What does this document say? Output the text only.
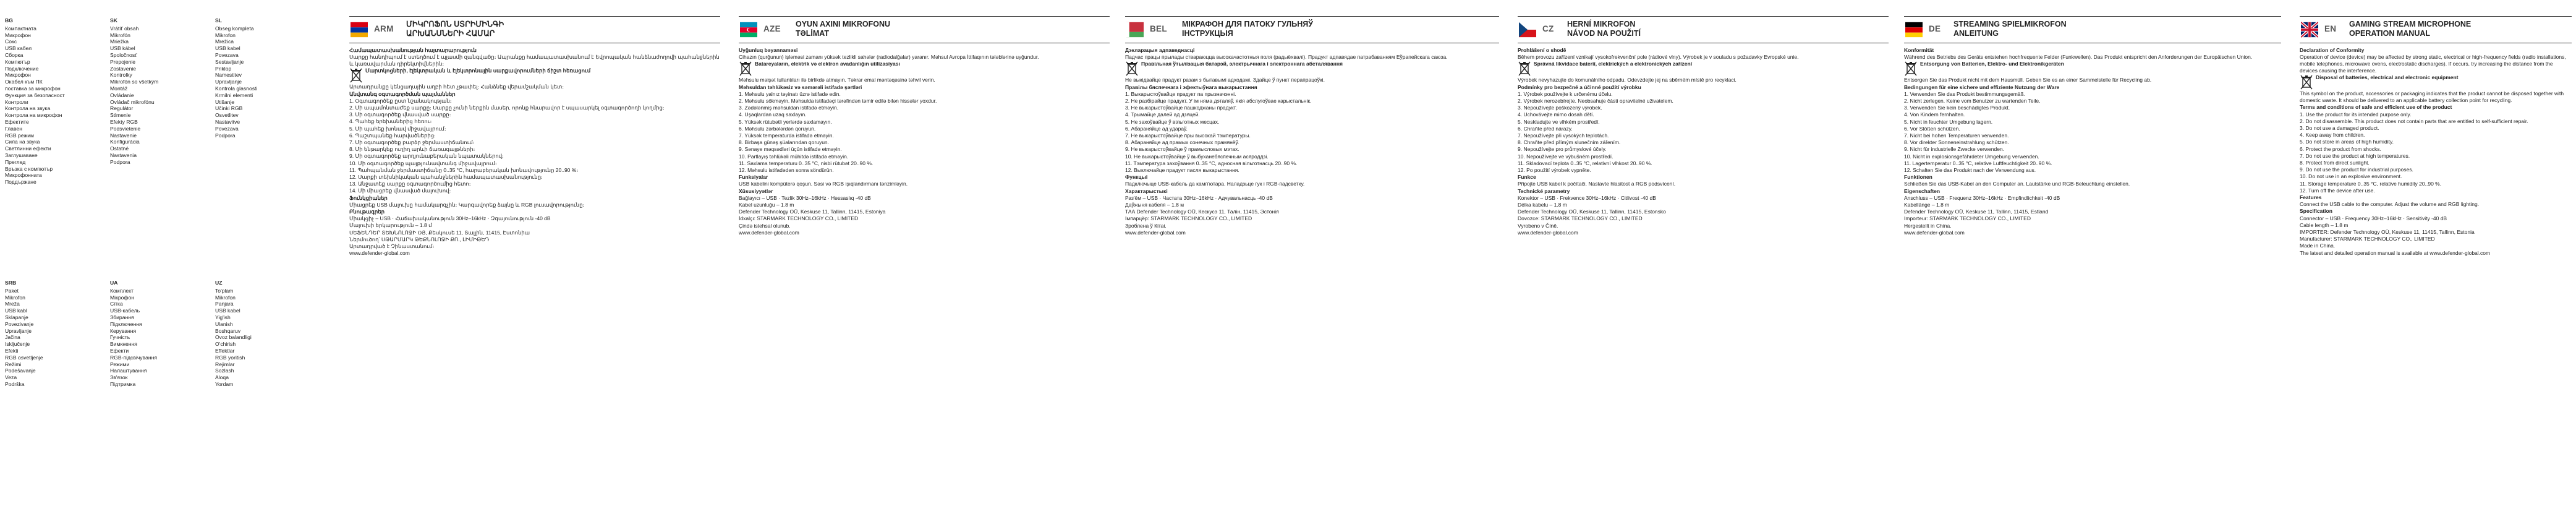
BG
Компактната
Микрофон
Сокс
USB кабел
Сборка
Компютър
Подключение
Микрофон
Окабел към ПК
поставка за микрофон
Функция за безопасност
Контроли
Контрола на звука
Контрола на микрофон
Ефектите
Главен
RGB режим
Сила на звука
Светлинни ефекти
Заглушаване
Преглед
Връзка с компютър
Микрофонната
Поддържане
SK
Vrátiť obsah
Mikrofón
Mriežka
USB kábel
Spoločnosť
Prepojenie
Zostavenie
Kontrolky
Mikrofón so všetkým
Montáž
Ovládanie
Ovládač mikrofónu
Regulátor
Stlmenie
Efekty RGB
Podsvietenie
Nastavenie
Konfigurácia
Ostatné
Nastavenia
Podpora
SL
Obseg kompleta
Mikrofon
Mrežica
USB kabel
Povezava
Sestavljanje
Priklop
Namestitev
Upravljanje
Kontrola glasnosti
Krmilni elementi
Utišanje
Učinki RGB
Osvetlitev
Nastavitve
Povezava
Podpora
SRB
Paket
Mikrofon
Mreža
USB kabl
Sklapanje
Povezivanje
Upravljanje
Jačina
Isključenje
Efekti
RGB osvetljenje
Režimi
Podešavanje
Veza
Podrška
UA
Комплект
Мікрофон
Сітка
USB-кабель
Збирання
Підключення
Керування
Гучність
Вимкнення
Ефекти
RGB-підсвічування
Режими
Налаштування
Зв'язок
Підтримка
UZ
To'plam
Mikrofon
Panjara
USB kabel
Yig'ish
Ulanish
Boshqaruv
Ovoz balandligi
O'chirish
Effektlar
RGB yoritish
Rejimlar
Sozlash
Aloqa
Yordam
ARM ՄԻԿՐՈՖՈՆ ՍՏՐԻՄԻՆԳԻ
ԱՐԽԱՆՍՆԵՐԻ ՀԱՄԱՐ

Համապատասխանության հայտարարություն

Սարքը հանդիպում է ստեղծում է պլասմի զանգվածը։ Ապրանքը համապատասխանում է Եվրոպական հանձնաժողովի պահանջներին և կառավարման դիրեկտիվներին։

Մարտկոցների, էլեկտրական և էլեկտրոնային սարքավորումների ճիշտ հեռացում

Արտադրանքը կենցաղային աղբի հետ չթափել։ Հանձնեք վերամշակման կետ։

Անվտանգ օգտագործման պայմաններ

1. Օգտագործեք ըստ նշանակության։

2. Մի ապամոնտաժեք սարքը։ Սարքը չունի ներքին մասեր, որոնք հնարավոր է սպասարկել օգտագործողի կողմից։

3. Մի օգտագործեք վնասված սարքը։

4. Պահեք երեխաներից հեռու։

5. Մի պահեք խոնավ միջավայրում։

6. Պաշտպանեք հարվածներից։

7. Մի օգտագործեք բարձր ջերմաստիճանում։

8. Մի ենթարկեք ուղիղ արևի ճառագայթների։

9. Մի օգտագործեք արդյունաբերական նպատակներով։

10. Մի օգտագործեք պայթյունավտանգ միջավայրում։

11. Պահպանման ջերմաստիճանը 0..35 °C, հարաբերական խոնավությունը 20..90 %։

12. Սարքի տեխնիկական պահանջներին համապատասխանությունը։

13. Անջատեք սարքը օգտագործումից հետո։

14. Մի միացրեք վնասված մալուխով։

Ֆունկցիաներ

Միացրեք USB մալուխը համակարգչին։ Կարգավորեք ձայնը և RGB լուսավորությունը։

Բնութագրեր

Միակցիչ – USB · Հաճախականություն 30Hz–16kHz · Զգայունություն -40 dB

Մալուխի երկարություն – 1.8 մ

ՍԵՖԵՆԴԵՐ ՏԵԽՆՈԼՈՋԻ ՕՅ, Քեսկուսե 11, Տալլին, 11415, Էստոնիա

Ներմուծող՝ ՍԹԱՐՄԱՐԿ ԹԵՔՆՈԼՈՋԻ ՔՈ., ԼԻՄԻԹԵԴ

Արտադրված է Չինաստանում։

www.defender-global.com

AZE OYUN AXINI MIKROFONU
TƏLİMAT

Uyğunluq bəyannaməsi

Cihazın (qurğunun) işləməsi zamanı yüksək tezlikli sahələr (radiodalğalar) yaranır. Məhsul Avropa İttifaqının tələblərinə uyğundur.

Batareyaların, elektrik və elektron avadanlığın utilizasiyası

Məhsulu məişət tullantıları ilə birlikdə atmayın. Təkrar emal məntəqəsinə təhvil verin.

Məhsuldan təhlükəsiz və səmərəli istifadə şərtləri

1. Məhsulu yalnız təyinatı üzrə istifadə edin.

2. Məhsulu sökməyin. Məhsulda istifadəçi tərəfindən təmir edilə bilən hissələr yoxdur.

3. Zədələnmiş məhsuldan istifadə etməyin.

4. Uşaqlardan uzaq saxlayın.

5. Yüksək rütubətli yerlərdə saxlamayın.

6. Məhsulu zərbələrdən qoruyun.

7. Yüksək temperaturda istifadə etməyin.

8. Birbaşa günəş şüalarından qoruyun.

9. Sənaye məqsədləri üçün istifadə etməyin.

10. Partlayış təhlükəli mühitdə istifadə etməyin.

11. Saxlama temperaturu 0..35 °C, nisbi rütubət 20..90 %.

12. Məhsulu istifadədən sonra söndürün.

Funksiyalar

USB kabelini kompüterə qoşun. Səsi və RGB işıqlandırmanı tənzimləyin.

Xüsusiyyətlər

Bağlayıcı – USB · Tezlik 30Hz–16kHz · Həssaslıq -40 dB

Kabel uzunluğu – 1.8 m

Defender Technology OÜ, Keskuse 11, Tallinn, 11415, Estoniya

İdxalçı: STARMARK TECHNOLOGY CO., LIMITED

Çində istehsal olunub.

www.defender-global.com

BEL МІКРАФОН ДЛЯ ПАТОКУ ГУЛЬНЯЎ
ІНСТРУКЦЫЯ

Дэкларацыя адпаведнасці

Падчас працы прылады ствараюцца высокачастотныя поля (радыёхвалі). Прадукт адпавядае патрабаванням Еўрапейскага саюза.

Правільная ўтылізацыя батарэй, электрычнага і электроннага абсталявання

Не выкідвайце прадукт разам з бытавымі адходамі. Здайце ў пункт перапрацоўкі.

Правілы бяспечнага і эфектыўнага выкарыстання

1. Выкарыстоўвайце прадукт па прызначэнні.

2. Не разбірайце прадукт. У ім няма дэталяў, якія абслугоўвае карыстальнік.

3. Не выкарыстоўвайце пашкоджаны прадукт.

4. Трымайце далей ад дзяцей.

5. Не захоўвайце ў вільготных месцах.

6. Абараняйце ад удараў.

7. Не выкарыстоўвайце пры высокай тэмпературы.

8. Абараняйце ад прамых сонечных прамянёў.

9. Не выкарыстоўвайце ў прамысловых мэтах.

10. Не выкарыстоўвайце ў выбуханебяспечным асяроддзі.

11. Тэмпература захоўвання 0..35 °C, адносная вільготнасць 20..90 %.

12. Выключайце прадукт пасля выкарыстання.

Функцыі

Падключыце USB-кабель да камп'ютара. Наладзьце гук і RGB-падсветку.

Характарыстыкі

Раз'ём – USB · Частата 30Hz–16kHz · Адчувальнасць -40 dB

Даўжыня кабеля – 1.8 м

ТАА Defender Technology OÜ, Кескусэ 11, Талін, 11415, Эстонія

Імпарцёр: STARMARK TECHNOLOGY CO., LIMITED

Зроблена ў Кітаі.

www.defender-global.com

CZ HERNÍ MIKROFON
NÁVOD NA POUŽITÍ

Prohlášení o shodě

Během provozu zařízení vznikají vysokofrekvenční pole (rádiové vlny). Výrobek je v souladu s požadavky Evropské unie.

Správná likvidace baterií, elektrických a elektronických zařízení

Výrobek nevyhazujte do komunálního odpadu. Odevzdejte jej na sběrném místě pro recyklaci.

Podmínky pro bezpečné a účinné použití výrobku

1. Výrobek používejte k určenému účelu.

2. Výrobek nerozebírejte. Neobsahuje části opravitelné uživatelem.

3. Nepoužívejte poškozený výrobek.

4. Uchovávejte mimo dosah dětí.

5. Neskladujte ve vlhkém prostředí.

6. Chraňte před nárazy.

7. Nepoužívejte při vysokých teplotách.

8. Chraňte před přímým slunečním zářením.

9. Nepoužívejte pro průmyslové účely.

10. Nepoužívejte ve výbušném prostředí.

11. Skladovací teplota 0..35 °C, relativní vlhkost 20..90 %.

12. Po použití výrobek vypněte.

Funkce

Připojte USB kabel k počítači. Nastavte hlasitost a RGB podsvícení.

Technické parametry

Konektor – USB · Frekvence 30Hz–16kHz · Citlivost -40 dB

Délka kabelu – 1.8 m

Defender Technology OÜ, Keskuse 11, Tallinn, 11415, Estonsko

Dovozce: STARMARK TECHNOLOGY CO., LIMITED

Vyrobeno v Číně.

www.defender-global.com

DE STREAMING SPIELMIKROFON
ANLEITUNG

Konformität

Während des Betriebs des Geräts entstehen hochfrequente Felder (Funkwellen). Das Produkt entspricht den Anforderungen der Europäischen Union.

Entsorgung von Batterien, Elektro- und Elektronikgeräten

Entsorgen Sie das Produkt nicht mit dem Hausmüll. Geben Sie es an einer Sammelstelle für Recycling ab.

Bedingungen für eine sichere und effiziente Nutzung der Ware

1. Verwenden Sie das Produkt bestimmungsgemäß.

2. Nicht zerlegen. Keine vom Benutzer zu wartenden Teile.

3. Verwenden Sie kein beschädigtes Produkt.

4. Von Kindern fernhalten.

5. Nicht in feuchter Umgebung lagern.

6. Vor Stößen schützen.

7. Nicht bei hohen Temperaturen verwenden.

8. Vor direkter Sonneneinstrahlung schützen.

9. Nicht für industrielle Zwecke verwenden.

10. Nicht in explosionsgefährdeter Umgebung verwenden.

11. Lagertemperatur 0..35 °C, relative Luftfeuchtigkeit 20..90 %.

12. Schalten Sie das Produkt nach der Verwendung aus.

Funktionen

Schließen Sie das USB-Kabel an den Computer an. Lautstärke und RGB-Beleuchtung einstellen.

Eigenschaften

Anschluss – USB · Frequenz 30Hz–16kHz · Empfindlichkeit -40 dB

Kabellänge – 1.8 m

Defender Technology OÜ, Keskuse 11, Tallinn, 11415, Estland

Importeur: STARMARK TECHNOLOGY CO., LIMITED

Hergestellt in China.

www.defender-global.com

EN GAMING STREAM MICROPHONE
OPERATION MANUAL

Declaration of Conformity

Operation of device (device) may be affected by strong static, electrical or high-frequency fields (radio installations, mobile telephones, microwave ovens, electrostatic discharges). If occurs, try increasing the distance from the devices causing the interference.

Disposal of batteries, electrical and electronic equipment

This symbol on the product, accessories or packaging indicates that the product cannot be disposed together with domestic waste. It should be delivered to an applicable battery collection point for recycling.

Terms and conditions of safe and efficient use of the product

1. Use the product for its intended purpose only.

2. Do not disassemble. This product does not contain parts that are entitled to self-sufficient repair.

3. Do not use a damaged product.

4. Keep away from children.

5. Do not store in areas of high humidity.

6. Protect the product from shocks.

7. Do not use the product at high temperatures.

8. Protect from direct sunlight.

9. Do not use the product for industrial purposes.

10. Do not use in an explosive environment.

11. Storage temperature 0..35 °C, relative humidity 20..90 %.

12. Turn off the device after use.

Features

Connect the USB cable to the computer. Adjust the volume and RGB lighting.

Specification

Connector – USB · Frequency 30Hz–16kHz · Sensitivity -40 dB

Cable length – 1.8 m

IMPORTER: Defender Technology OÜ, Keskuse 11, 11415, Tallinn, Estonia

Manufacturer: STARMARK TECHNOLOGY CO., LIMITED

Made in China.

The latest and detailed operation manual is available at www.defender-global.com
